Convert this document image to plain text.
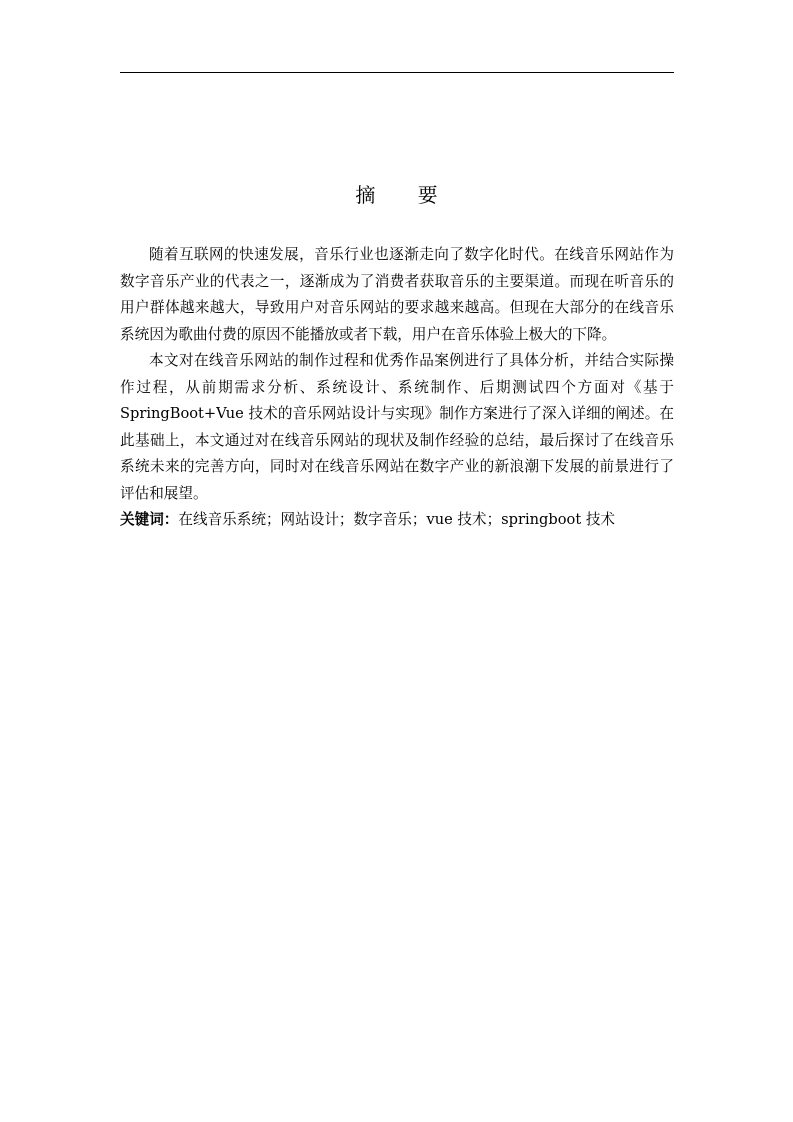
摘 要

随着互联网的快速发展，音乐行业也逐渐走向了数字化时代。在线音乐网站作为数字音乐产业的代表之一，逐渐成为了消费者获取音乐的主要渠道。而现在听音乐的用户群体越来越大，导致用户对音乐网站的要求越来越高。但现在大部分的在线音乐系统因为歌曲付费的原因不能播放或者下载，用户在音乐体验上极大的下降。

本文对在线音乐网站的制作过程和优秀作品案例进行了具体分析，并结合实际操作过程，从前期需求分析、系统设计、系统制作、后期测试四个方面对《基于 SpringBoot+Vue 技术的音乐网站设计与实现》制作方案进行了深入详细的阐述。在此基础上，本文通过对在线音乐网站的现状及制作经验的总结，最后探讨了在线音乐系统未来的完善方向，同时对在线音乐网站在数字产业的新浪潮下发展的前景进行了评估和展望。

关键词：在线音乐系统；网站设计；数字音乐；vue 技术；springboot 技术
